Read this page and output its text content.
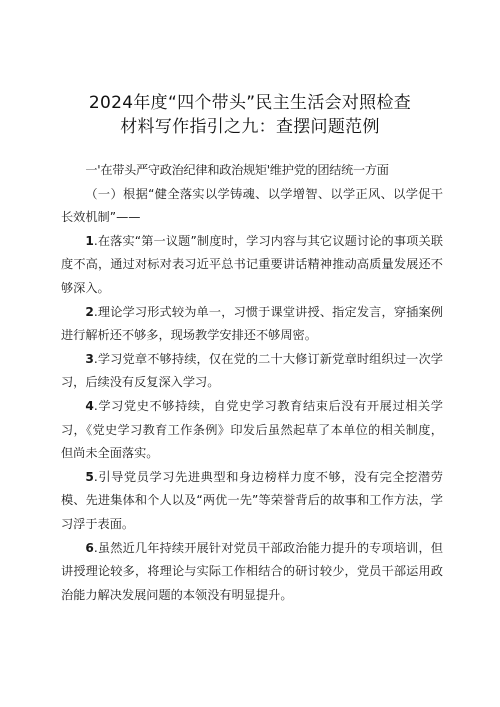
2024年度“四个带头”民主生活会对照检查
材料写作指引之九：查摆问题范例

一'在带头严守政治纪律和政治规矩'维护党的团结统一方面

（一）根据“健全落实以学铸魂、以学增智、以学正风、以学促干长效机制”——

1.在落实“第一议题”制度时，学习内容与其它议题讨论的事项关联度不高，通过对标对表习近平总书记重要讲话精神推动高质量发展还不够深入。

2.理论学习形式较为单一，习惯于课堂讲授、指定发言，穿插案例进行解析还不够多，现场教学安排还不够周密。

3.学习党章不够持续，仅在党的二十大修订新党章时组织过一次学习，后续没有反复深入学习。

4.学习党史不够持续，自党史学习教育结束后没有开展过相关学习，《党史学习教育工作条例》印发后虽然起草了本单位的相关制度，但尚未全面落实。

5.引导党员学习先进典型和身边榜样力度不够，没有完全挖潜劳模、先进集体和个人以及“两优一先”等荣誉背后的故事和工作方法，学习浮于表面。

6.虽然近几年持续开展针对党员干部政治能力提升的专项培训，但讲授理论较多，将理论与实际工作相结合的研讨较少，党员干部运用政治能力解决发展问题的本领没有明显提升。
